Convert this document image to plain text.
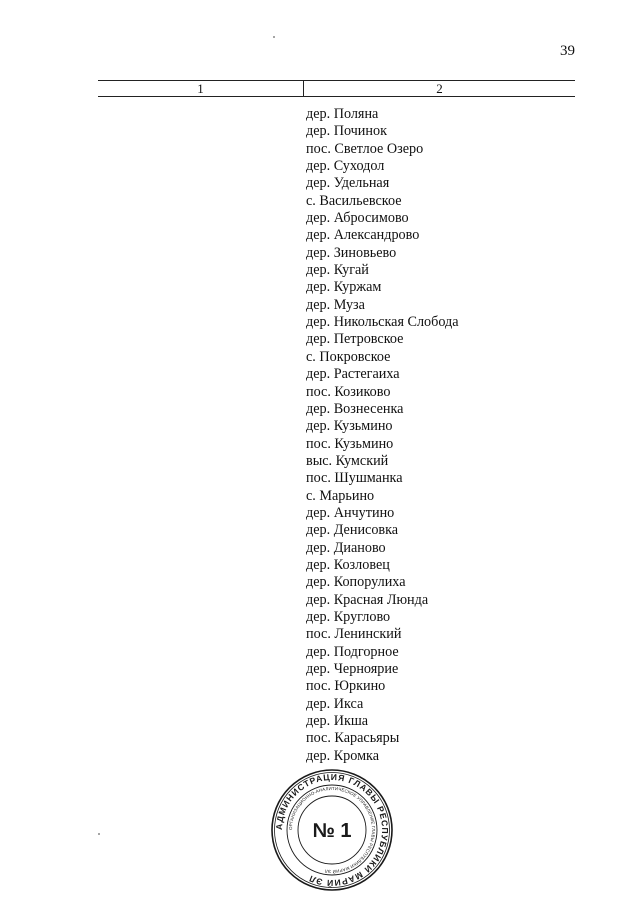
39
1	2
дер. Поляна
дер. Починок
пос. Светлое Озеро
дер. Суходол
дер. Удельная
с. Васильевское
дер. Абросимово
дер. Александрово
дер. Зиновьево
дер. Кугай
дер. Куржам
дер. Муза
дер. Никольская Слобода
дер. Петровское
с. Покровское
дер. Растегаиха
пос. Козиково
дер. Вознесенка
дер. Кузьмино
пос. Кузьмино
выс. Кумский
пос. Шушманка
с. Марьино
дер. Анчутино
дер. Денисовка
дер. Дианово
дер. Козловец
дер. Копорулиха
дер. Красная Люнда
дер. Круглово
пос. Ленинский
дер. Подгорное
дер. Черноярие
пос. Юркино
дер. Икса
дер. Икша
пос. Карасьяры
дер. Кромка
АДМИНИСТРАЦИЯ ГЛАВЫ РЕСПУБЛИКИ МАРИЙ ЭЛ
ОРГАНИЗАЦИОННО-АНАЛИТИЧЕСКОЕ УПРАВЛЕНИЕ ГЛАВЫ РЕСПУБЛИКИ МАРИЙ ЭЛ
№ 1
